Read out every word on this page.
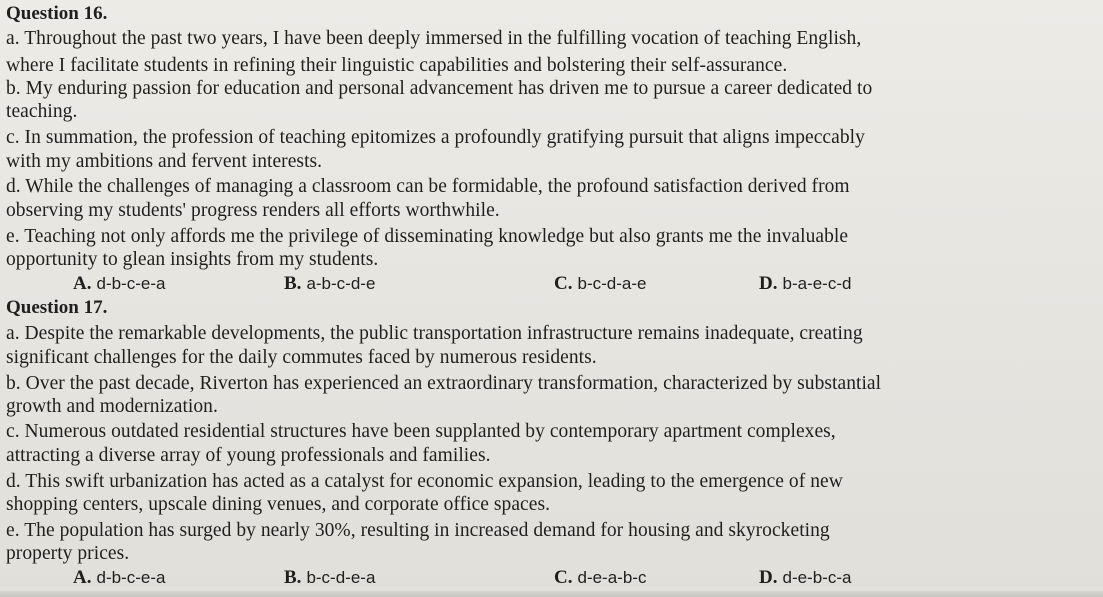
Question 16.
a. Throughout the past two years, I have been deeply immersed in the fulfilling vocation of teaching English,
where I facilitate students in refining their linguistic capabilities and bolstering their self-assurance.
b. My enduring passion for education and personal advancement has driven me to pursue a career dedicated to
teaching.
c. In summation, the profession of teaching epitomizes a profoundly gratifying pursuit that aligns impeccably
with my ambitions and fervent interests.
d. While the challenges of managing a classroom can be formidable, the profound satisfaction derived from
observing my students' progress renders all efforts worthwhile.
e. Teaching not only affords me the privilege of disseminating knowledge but also grants me the invaluable
opportunity to glean insights from my students.
A. d-b-c-e-a	B. a-b-c-d-e	C. b-c-d-a-e	D. b-a-e-c-d
Question 17.
a. Despite the remarkable developments, the public transportation infrastructure remains inadequate, creating
significant challenges for the daily commutes faced by numerous residents.
b. Over the past decade, Riverton has experienced an extraordinary transformation, characterized by substantial
growth and modernization.
c. Numerous outdated residential structures have been supplanted by contemporary apartment complexes,
attracting a diverse array of young professionals and families.
d. This swift urbanization has acted as a catalyst for economic expansion, leading to the emergence of new
shopping centers, upscale dining venues, and corporate office spaces.
e. The population has surged by nearly 30%, resulting in increased demand for housing and skyrocketing
property prices.
A. d-b-c-e-a	B. b-c-d-e-a	C. d-e-a-b-c	D. d-e-b-c-a
